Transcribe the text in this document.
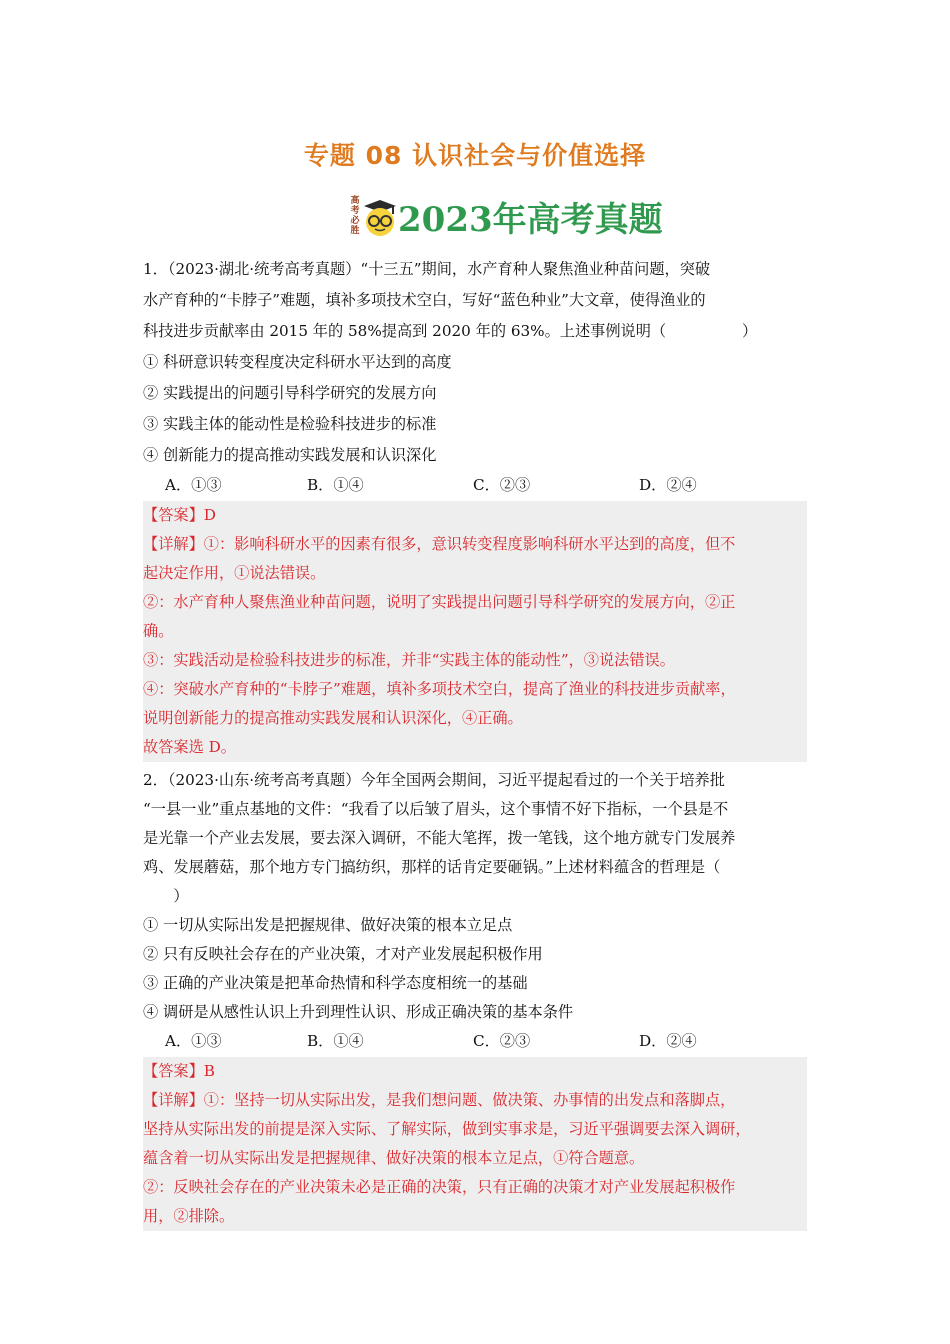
专题 08 认识社会与价值选择
高
考
必
胜 2023年高考真题
1．（2023·湖北·统考高考真题）“十三五”期间，水产育种人聚焦渔业种苗问题，突破
水产育种的“卡脖子”难题，填补多项技术空白，写好“蓝色种业”大文章，使得渔业的
科技进步贡献率由 2015 年的 58%提高到 2020 年的 63%。上述事例说明（　　　　　）
① 科研意识转变程度决定科研水平达到的高度
② 实践提出的问题引导科学研究的发展方向
③ 实践主体的能动性是检验科技进步的标准
④ 创新能力的提高推动实践发展和认识深化
A．①③	B．①④	C．②③	D．②④
【答案】D
【详解】①：影响科研水平的因素有很多，意识转变程度影响科研水平达到的高度，但不
起决定作用，①说法错误。
②：水产育种人聚焦渔业种苗问题，说明了实践提出问题引导科学研究的发展方向，②正
确。
③：实践活动是检验科技进步的标准，并非“实践主体的能动性”，③说法错误。
④：突破水产育种的“卡脖子”难题，填补多项技术空白，提高了渔业的科技进步贡献率，
说明创新能力的提高推动实践发展和认识深化，④正确。
故答案选 D。
2．（2023·山东·统考高考真题）今年全国两会期间，习近平提起看过的一个关于培养批
“一县一业”重点基地的文件：“我看了以后皱了眉头，这个事情不好下指标，一个县是不
是光靠一个产业去发展，要去深入调研，不能大笔挥，拨一笔钱，这个地方就专门发展养
鸡、发展蘑菇，那个地方专门搞纺织，那样的话肯定要砸锅。”上述材料蕴含的哲理是（
　　）
① 一切从实际出发是把握规律、做好决策的根本立足点
② 只有反映社会存在的产业决策，才对产业发展起积极作用
③ 正确的产业决策是把革命热情和科学态度相统一的基础
④ 调研是从感性认识上升到理性认识、形成正确决策的基本条件
A．①③	B．①④	C．②③	D．②④
【答案】B
【详解】①：坚持一切从实际出发，是我们想问题、做决策、办事情的出发点和落脚点，
坚持从实际出发的前提是深入实际、了解实际，做到实事求是，习近平强调要去深入调研，
蕴含着一切从实际出发是把握规律、做好决策的根本立足点，①符合题意。
②：反映社会存在的产业决策未必是正确的决策，只有正确的决策才对产业发展起积极作
用，②排除。
